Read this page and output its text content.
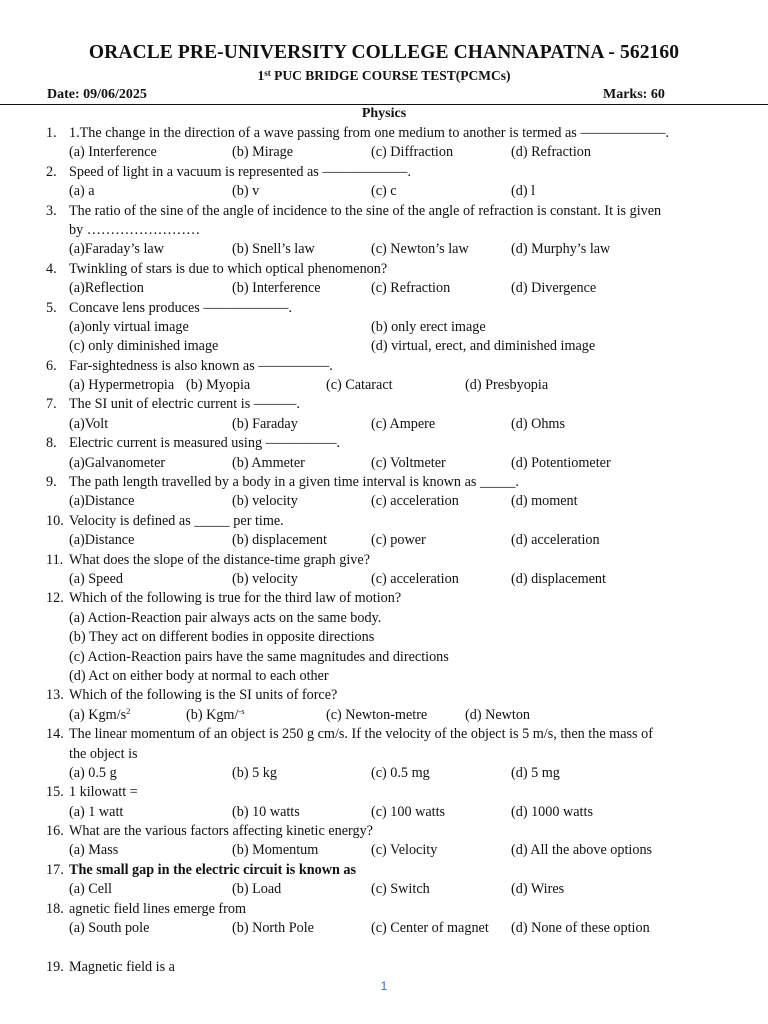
ORACLE PRE-UNIVERSITY COLLEGE CHANNAPATNA - 562160
1st PUC BRIDGE COURSE TEST(PCMCs)
Date: 09/06/2025	Marks: 60
Physics
1. 1.The change in the direction of a wave passing from one medium to another is termed as ——————.
(a) Interference	(b) Mirage	(c) Diffraction	(d) Refraction
2. Speed of light in a vacuum is represented as ——————.
(a) a	(b) v	(c) c	(d) l
3. The ratio of the sine of the angle of incidence to the sine of the angle of refraction is constant. It is given
by ……………………
(a)Faraday’s law	(b) Snell’s law	(c) Newton’s law	(d) Murphy’s law
4. Twinkling of stars is due to which optical phenomenon?
(a)Reflection	(b) Interference	(c) Refraction	(d) Divergence
5. Concave lens produces ——————.
(a)only virtual image	(b) only erect image
(c) only diminished image	(d) virtual, erect, and diminished image
6. Far-sightedness is also known as —————.
(a) Hypermetropia (b) Myopia	(c) Cataract	(d) Presbyopia
7. The SI unit of electric current is ———.
(a)Volt	(b) Faraday	(c) Ampere	(d) Ohms
8. Electric current is measured using —————.
(a)Galvanometer	(b) Ammeter	(c) Voltmeter	(d) Potentiometer
9. The path length travelled by a body in a given time interval is known as _____.
(a)Distance	(b) velocity	(c) acceleration	(d) moment
10. Velocity is defined as _____ per time.
(a)Distance	(b) displacement	(c) power	(d) acceleration
11. What does the slope of the distance-time graph give?
(a) Speed	(b) velocity	(c) acceleration	(d) displacement
12. Which of the following is true for the third law of motion?
(a) Action-Reaction pair always acts on the same body.
(b) They act on different bodies in opposite directions
(c) Action-Reaction pairs have the same magnitudes and directions
(d) Act on either body at normal to each other
13. Which of the following is the SI units of force?
(a) Kgm/$s^2$	(b) Kgm/$^{-s}$	(c) Newton-metre	(d) Newton
14. The linear momentum of an object is 250 g cm/s. If the velocity of the object is 5 m/s, then the mass of
the object is
(a) 0.5 g	(b) 5 kg	(c) 0.5 mg	(d) 5 mg
15. 1 kilowatt =
(a) 1 watt	(b) 10 watts	(c) 100 watts	(d) 1000 watts
16. What are the various factors affecting kinetic energy?
(a) Mass	(b) Momentum	(c) Velocity	(d) All the above options
17. The small gap in the electric circuit is known as
(a) Cell	(b) Load	(c) Switch	(d) Wires
18. agnetic field lines emerge from
(a) South pole	(b) North Pole	(c) Center of magnet (d) None of these option
19. Magnetic field is a
1
